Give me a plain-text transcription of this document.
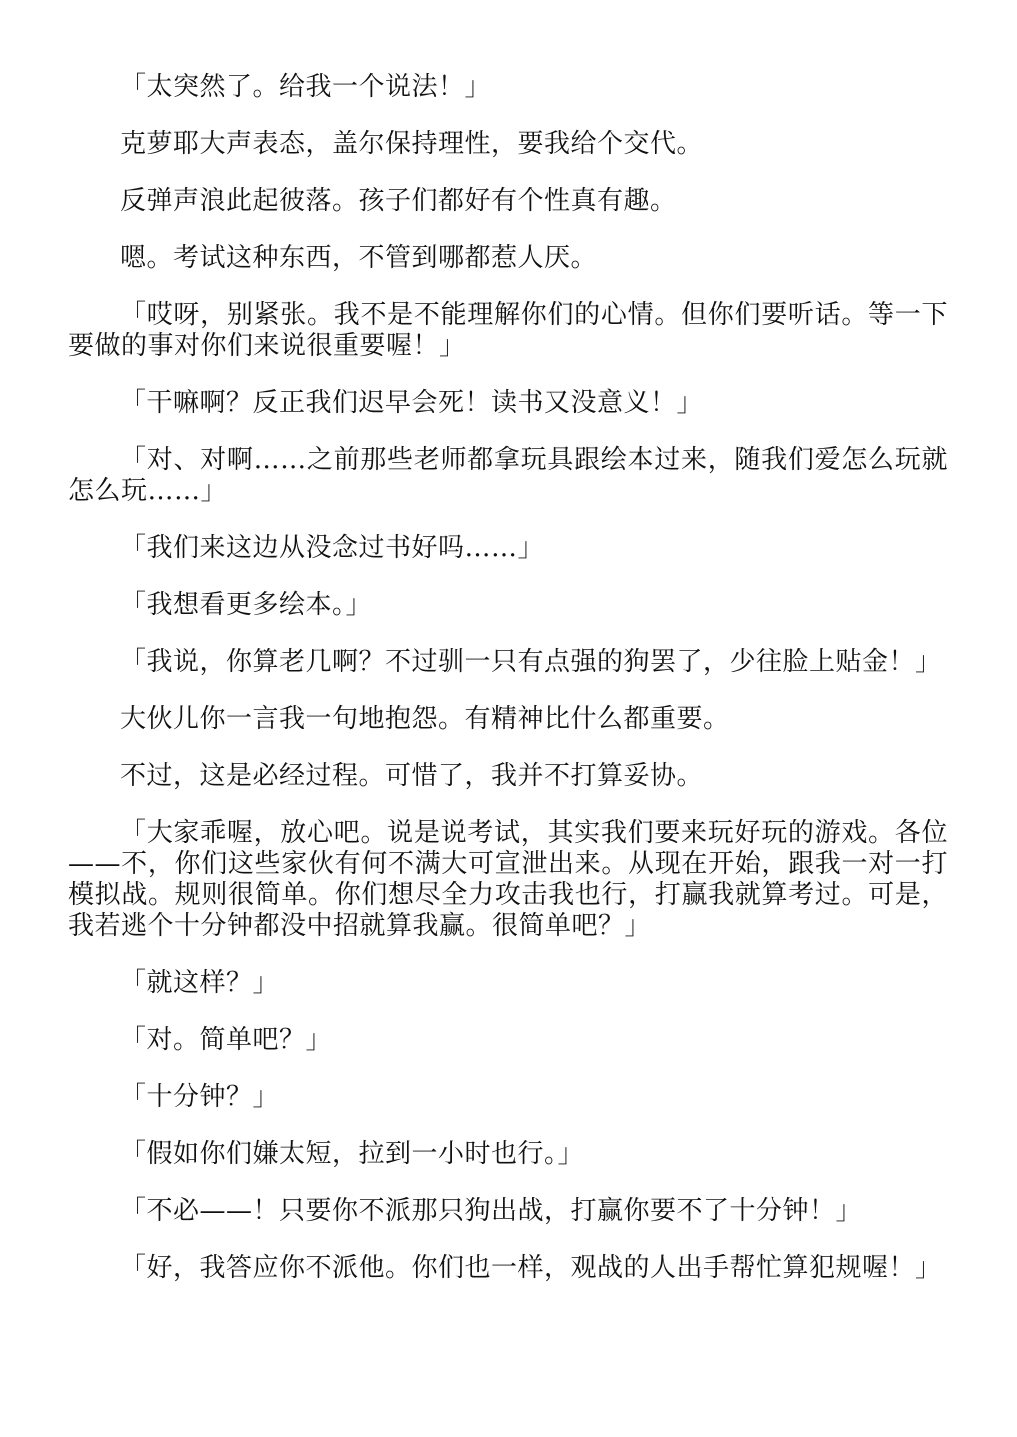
「太突然了。给我一个说法！」

克萝耶大声表态，盖尔保持理性，要我给个交代。

反弹声浪此起彼落。孩子们都好有个性真有趣。

嗯。考试这种东西，不管到哪都惹人厌。

「哎呀，别紧张。我不是不能理解你们的心情。但你们要听话。等一下要做的事对你们来说很重要喔！」

「干嘛啊？反正我们迟早会死！读书又没意义！」

「对、对啊……之前那些老师都拿玩具跟绘本过来，随我们爱怎么玩就怎么玩……」

「我们来这边从没念过书好吗……」

「我想看更多绘本。」

「我说，你算老几啊？不过驯一只有点强的狗罢了，少往脸上贴金！」

大伙儿你一言我一句地抱怨。有精神比什么都重要。

不过，这是必经过程。可惜了，我并不打算妥协。

「大家乖喔，放心吧。说是说考试，其实我们要来玩好玩的游戏。各位——不，你们这些家伙有何不满大可宣泄出来。从现在开始，跟我一对一打模拟战。规则很简单。你们想尽全力攻击我也行，打赢我就算考过。可是，我若逃个十分钟都没中招就算我赢。很简单吧？」

「就这样？」

「对。简单吧？」

「十分钟？」

「假如你们嫌太短，拉到一小时也行。」

「不必——！只要你不派那只狗出战，打赢你要不了十分钟！」

「好，我答应你不派他。你们也一样，观战的人出手帮忙算犯规喔！」
